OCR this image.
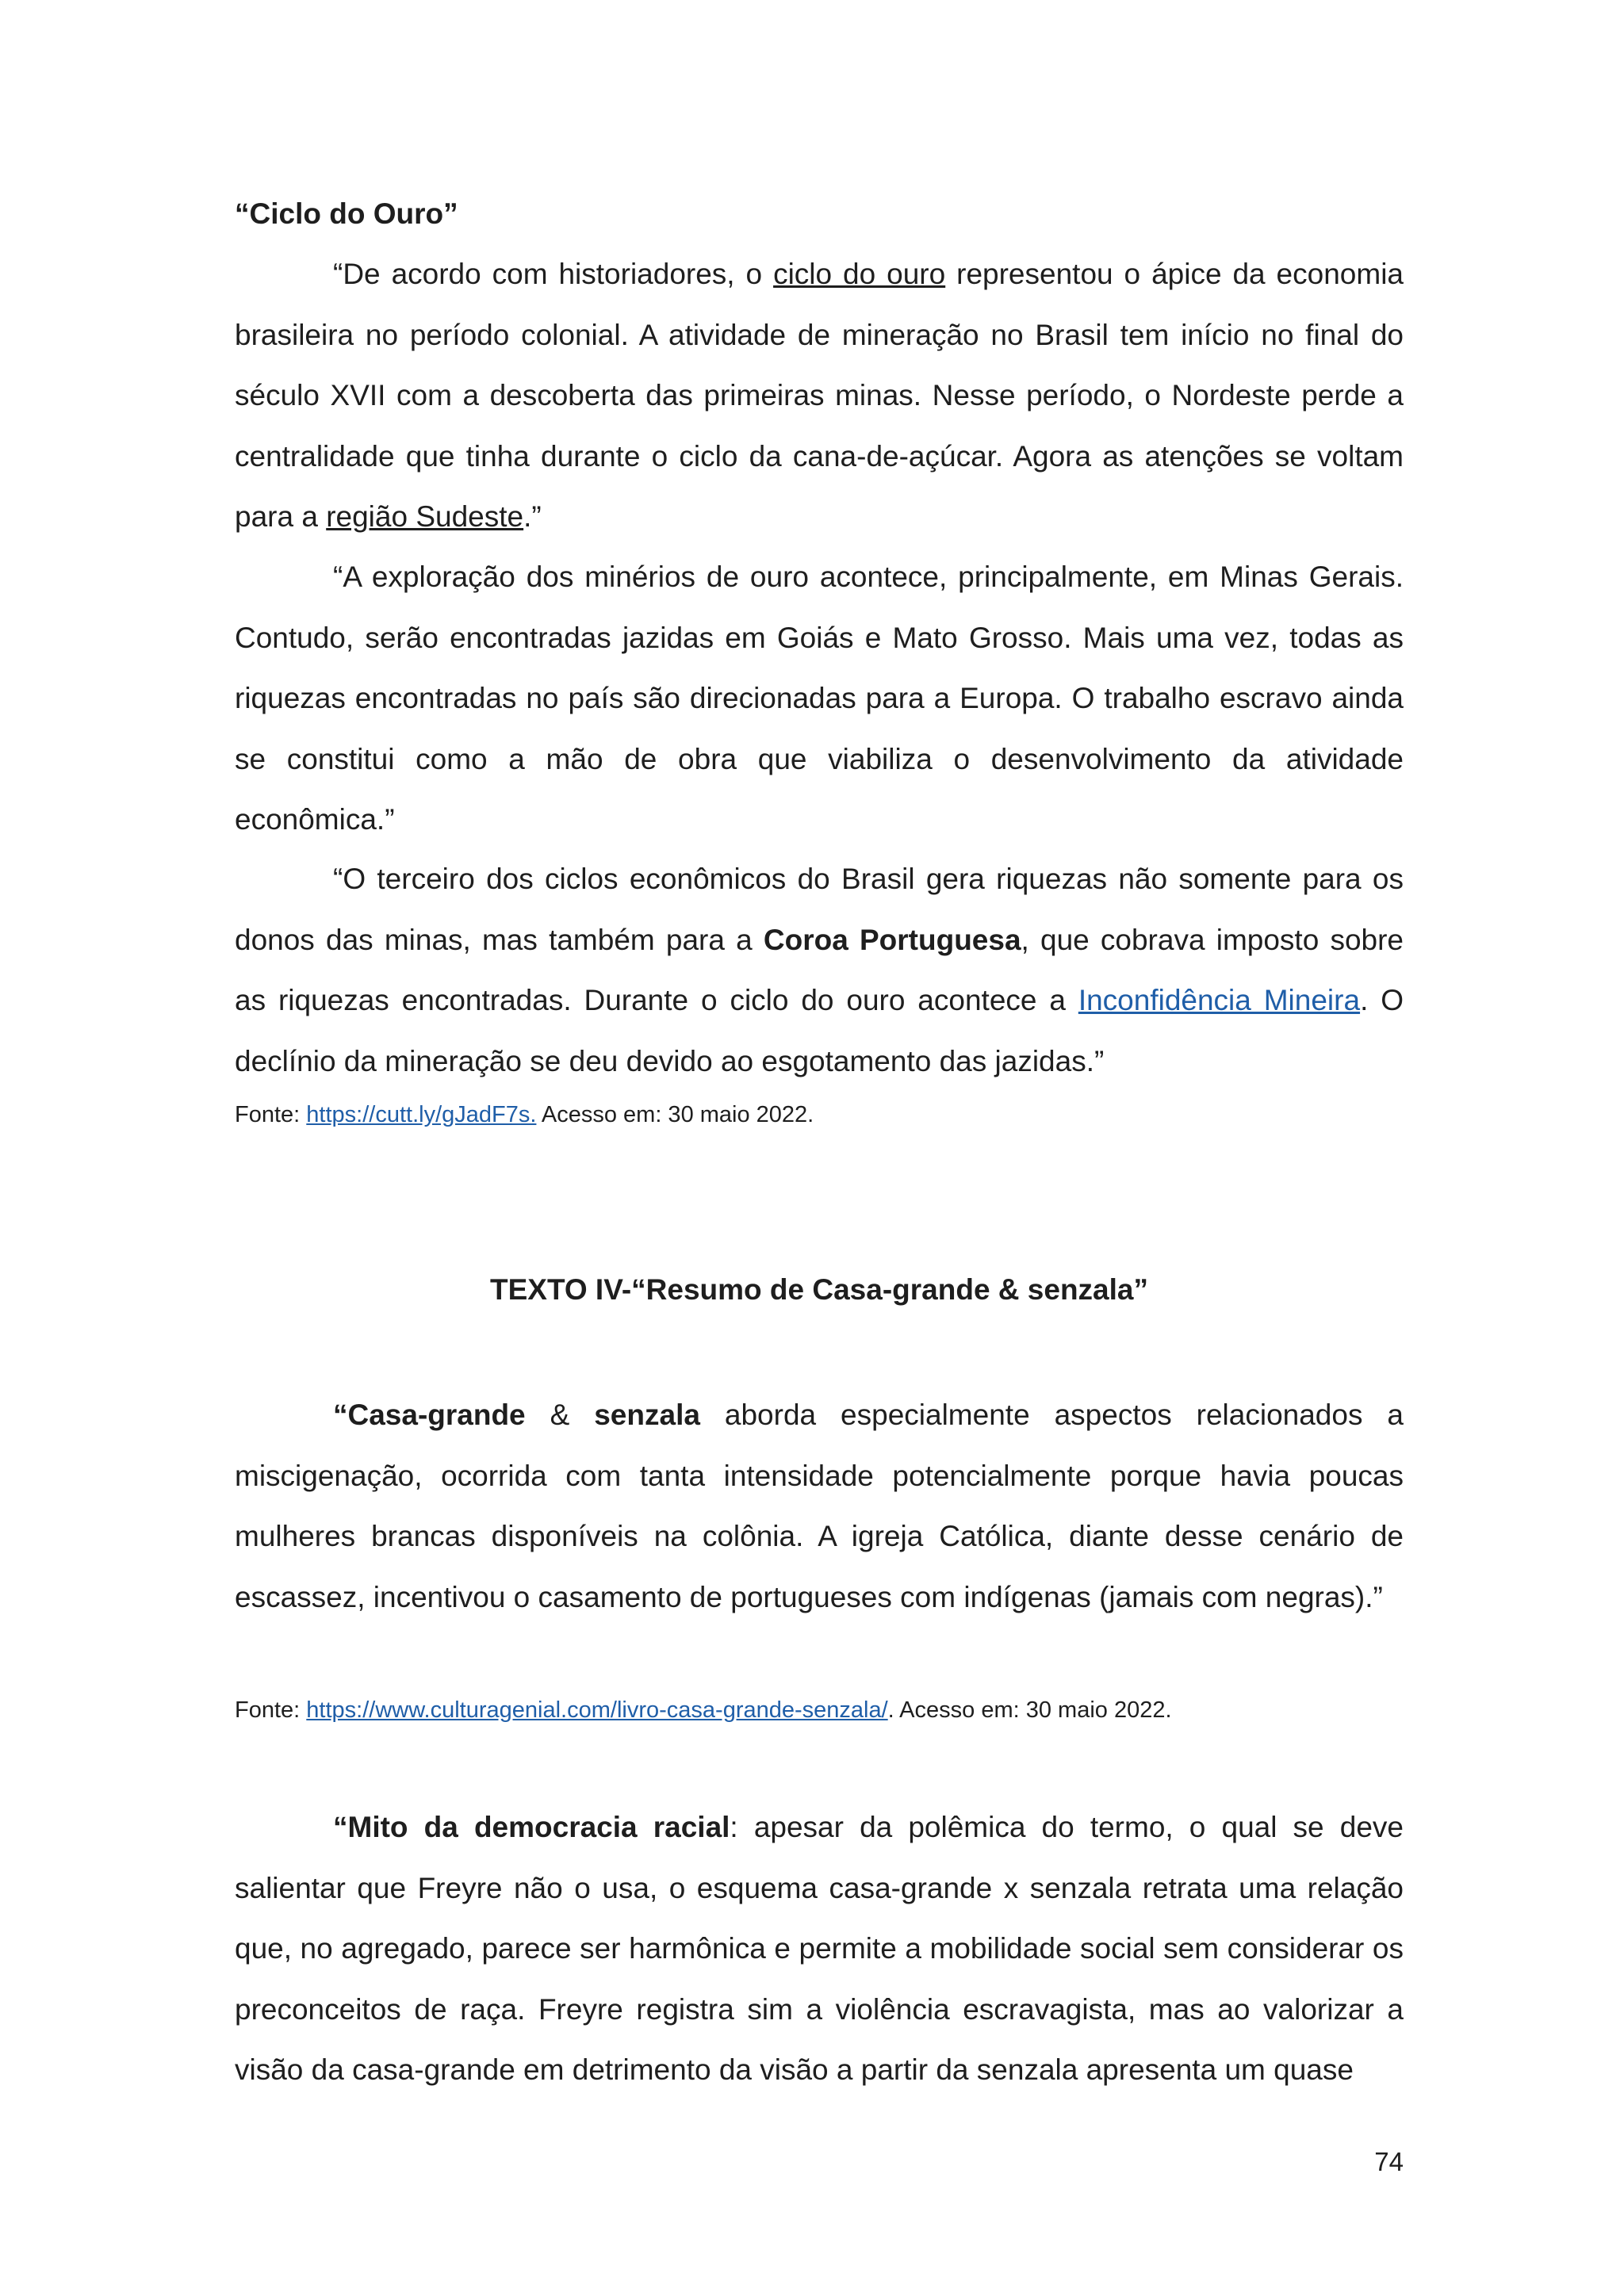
“Ciclo do Ouro”

“De acordo com historiadores, o ciclo do ouro representou o ápice da economia brasileira no período colonial. A atividade de mineração no Brasil tem início no final do século XVII com a descoberta das primeiras minas. Nesse período, o Nordeste perde a centralidade que tinha durante o ciclo da cana-de-açúcar. Agora as atenções se voltam para a região Sudeste.”

“A exploração dos minérios de ouro acontece, principalmente, em Minas Gerais. Contudo, serão encontradas jazidas em Goiás e Mato Grosso. Mais uma vez, todas as riquezas encontradas no país são direcionadas para a Europa. O trabalho escravo ainda se constitui como a mão de obra que viabiliza o desenvolvimento da atividade econômica.”

“O terceiro dos ciclos econômicos do Brasil gera riquezas não somente para os donos das minas, mas também para a Coroa Portuguesa, que cobrava imposto sobre as riquezas encontradas. Durante o ciclo do ouro acontece a Inconfidência Mineira. O declínio da mineração se deu devido ao esgotamento das jazidas.”

Fonte: https://cutt.ly/gJadF7s. Acesso em: 30 maio 2022.

TEXTO IV-“Resumo de Casa-grande & senzala”

“Casa-grande & senzala aborda especialmente aspectos relacionados a miscigenação, ocorrida com tanta intensidade potencialmente porque havia poucas mulheres brancas disponíveis na colônia. A igreja Católica, diante desse cenário de escassez, incentivou o casamento de portugueses com indígenas (jamais com negras).”

Fonte: https://www.culturagenial.com/livro-casa-grande-senzala/. Acesso em: 30 maio 2022.

“Mito da democracia racial: apesar da polêmica do termo, o qual se deve salientar que Freyre não o usa, o esquema casa-grande x senzala retrata uma relação que, no agregado, parece ser harmônica e permite a mobilidade social sem considerar os preconceitos de raça. Freyre registra sim a violência escravagista, mas ao valorizar a visão da casa-grande em detrimento da visão a partir da senzala apresenta um quase

74
